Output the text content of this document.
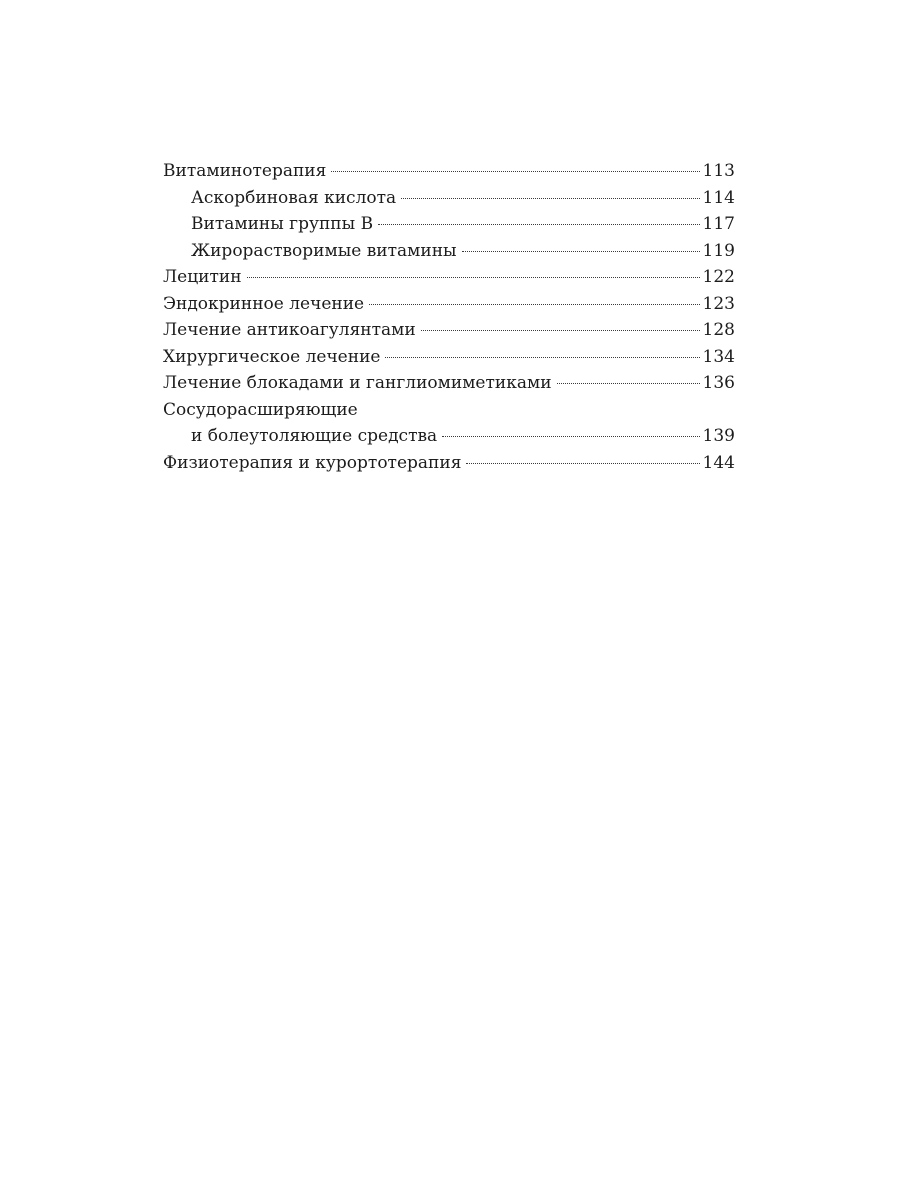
Витаминотерапия	113
Аскорбиновая кислота	114
Витамины группы В	117
Жирорастворимые витамины	119
Лецитин	122
Эндокринное лечение	123
Лечение антикоагулянтами	128
Хирургическое лечение	134
Лечение блокадами и ганглиомиметиками	136
Сосудорасширяющие
и болеутоляющие средства	139
Физиотерапия и курортотерапия	144
